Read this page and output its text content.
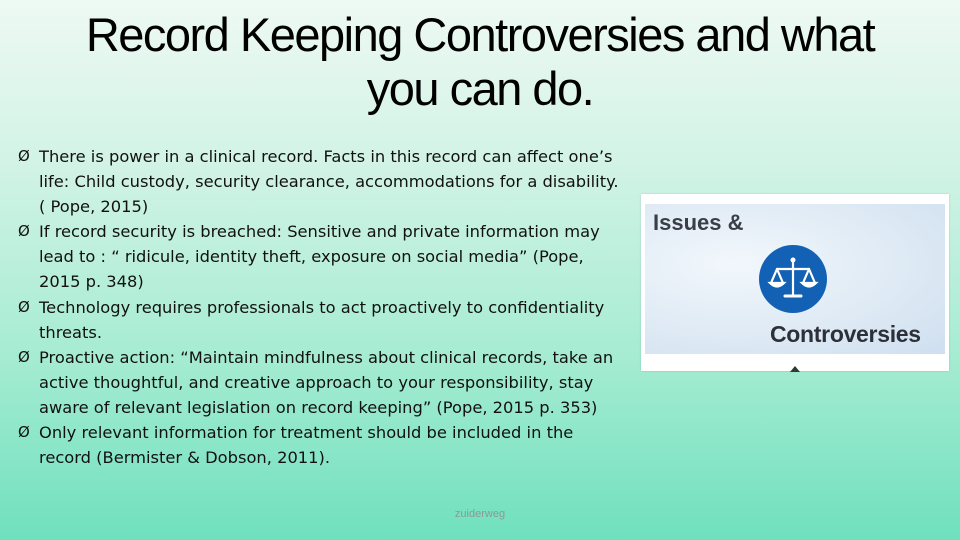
Record Keeping Controversies and what
you can do.
Ø There is power in a clinical record. Facts in this record can affect one’s life: Child custody, security clearance, accommodations for a disability. ( Pope, 2015)
Ø If record security is breached: Sensitive and private information may lead to : “ ridicule, identity theft, exposure on social media” (Pope, 2015 p. 348)
Ø Technology requires professionals to act proactively to confidentiality threats.
Ø Proactive action: “Maintain mindfulness about clinical records, take an active thoughtful, and creative approach to your responsibility, stay aware of relevant legislation on record keeping” (Pope, 2015 p. 353)
Ø Only relevant information for treatment should be included in the record (Bermister & Dobson, 2011).
Issues &
Controversies
zuiderweg
